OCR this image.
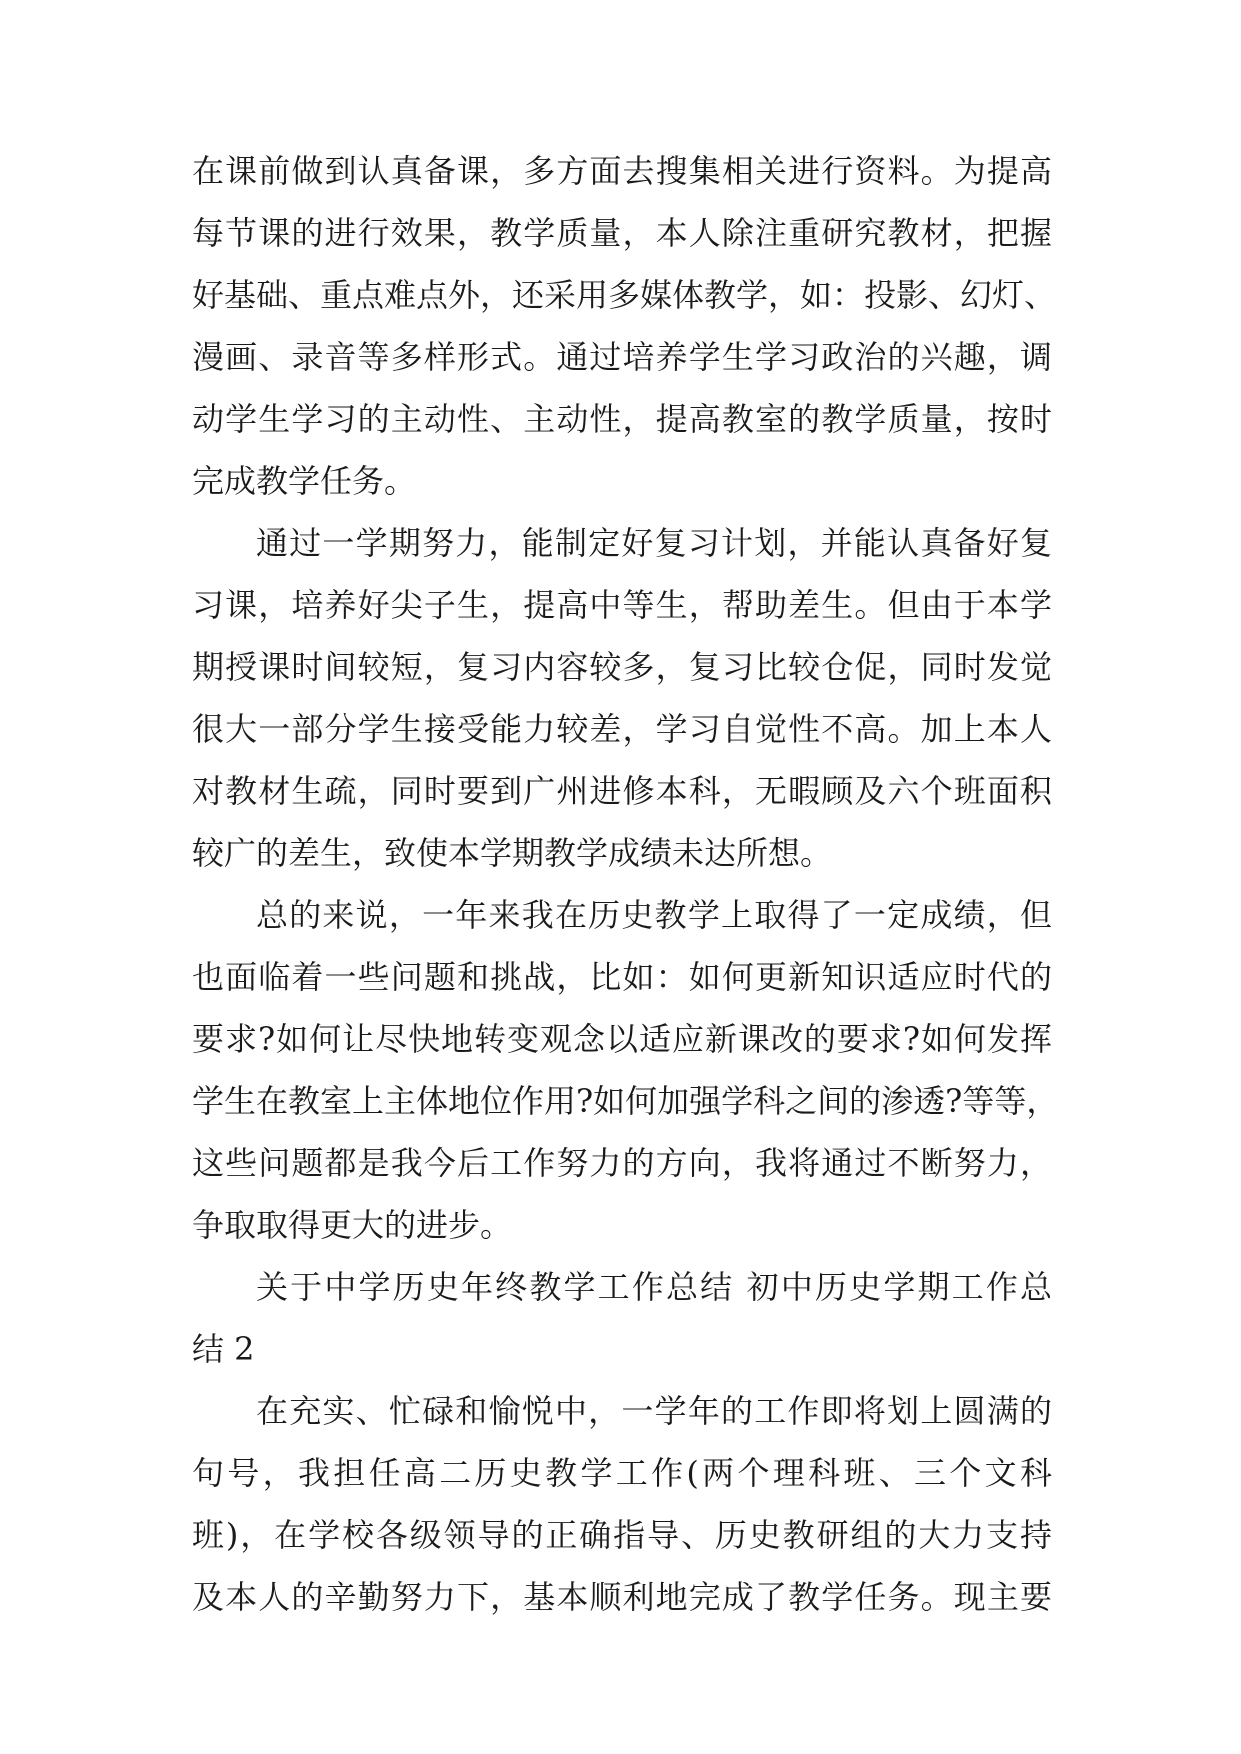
在课前做到认真备课，多方面去搜集相关进行资料。为提高
每节课的进行效果，教学质量，本人除注重研究教材，把握
好基础、重点难点外，还采用多媒体教学，如：投影、幻灯、
漫画、录音等多样形式。通过培养学生学习政治的兴趣，调
动学生学习的主动性、主动性，提高教室的教学质量，按时
完成教学任务。
通过一学期努力，能制定好复习计划，并能认真备好复
习课，培养好尖子生，提高中等生，帮助差生。但由于本学
期授课时间较短，复习内容较多，复习比较仓促，同时发觉
很大一部分学生接受能力较差，学习自觉性不高。加上本人
对教材生疏，同时要到广州进修本科，无暇顾及六个班面积
较广的差生，致使本学期教学成绩未达所想。
总的来说，一年来我在历史教学上取得了一定成绩，但
也面临着一些问题和挑战，比如：如何更新知识适应时代的
要求?如何让尽快地转变观念以适应新课改的要求?如何发挥
学生在教室上主体地位作用?如何加强学科之间的渗透?等等，
这些问题都是我今后工作努力的方向，我将通过不断努力，
争取取得更大的进步。
关于中学历史年终教学工作总结 初中历史学期工作总
结 2
在充实、忙碌和愉悦中，一学年的工作即将划上圆满的
句号，我担任高二历史教学工作(两个理科班、三个文科
班)，在学校各级领导的正确指导、历史教研组的大力支持
及本人的辛勤努力下，基本顺利地完成了教学任务。现主要
